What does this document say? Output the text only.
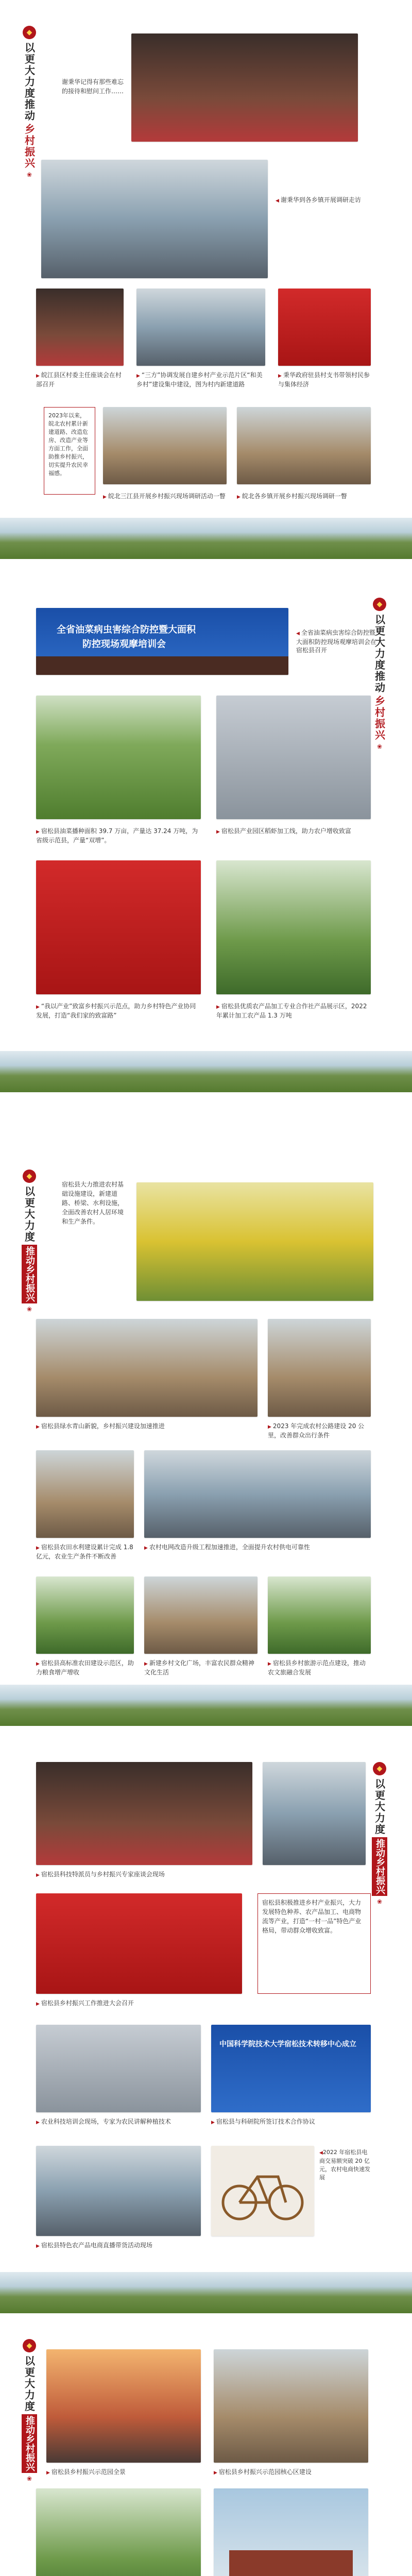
◆
以更大力度推动
乡村振兴
❀
谢秉华记得有那些难忘的接待和慰问工作……
◀ 谢秉华到各乡镇开展调研走访
▶ 皖江县区村委主任座谈会在村部召开
▶ “三方”协调发展自建乡村产业示范片区“和美乡村”建设集中建设，图为村内新建道路
▶ 秉华政府驻县村支书带领村民参与集体经济
2023年以来，皖北农村累计新建道路、改造危房、改造产业等方面工作，全面助推乡村振兴，切实提升农民幸福感。
▶ 皖北三江县开展乡村振兴现场调研活动一瞥 ▶ 皖北各乡镇开展乡村振兴现场调研一瞥
◆
以更大力度推动
乡村振兴
❀
全省油菜病虫害综合防控暨大面积
防控现场观摩培训会
◀ 全省油菜病虫害综合防控暨大面积防控现场观摩培训会在宿松县召开
▶ 宿松县油菜播种面积 39.7 万亩，产量达 37.24 万吨，为省级示范县，产量“双增”。
▶ 宿松县产业园区稻虾加工线，助力农户增收致富
▶ “我以产业”致富乡村振兴示范点，助力乡村特色产业协同发展，打造“我们家的致富路”
▶ 宿松县优质农产品加工专业合作社产品展示区，2022 年累计加工农产品 1.3 万吨
◆
以更大力度
推动乡村振兴
❀
宿松县大力推进农村基础设施建设，新建道路、桥梁、水利设施，全面改善农村人居环境和生产条件。
▶ 宿松县绿水青山新貌，乡村振兴建设加速推进	▶ 2023 年完成农村公路建设 20 公里，改善群众出行条件
▶ 宿松县农田水利建设累计完成 1.8 亿元，农业生产条件不断改善
▶ 农村电网改造升级工程加速推进，全面提升农村供电可靠性
▶ 宿松县高标准农田建设示范区，助力粮食增产增收
▶ 新建乡村文化广场，丰富农民群众精神文化生活
▶ 宿松县乡村旅游示范点建设，推动农文旅融合发展
◆
以更大力度
推动乡村振兴
❀
▶ 宿松县科技特派员与乡村振兴专家座谈会现场
宿松县积极推进乡村产业振兴，大力发展特色种养、农产品加工、电商物流等产业，打造“一村一品”特色产业格局，带动群众增收致富。
▶ 宿松县乡村振兴工作推进大会召开
中国科学院技术大学宿松技术转移中心成立
▶ 农业科技培训会现场，专家为农民讲解种植技术	▶ 宿松县与科研院所签订技术合作协议
◀2022 年宿松县电商交易额突破 20 亿元，农村电商快速发展
▶ 宿松县特色农产品电商直播带货活动现场
◆
以更大力度
推动乡村振兴
❀
▶ 宿松县乡村振兴示范园全景	▶ 宿松县乡村振兴示范园核心区建设
